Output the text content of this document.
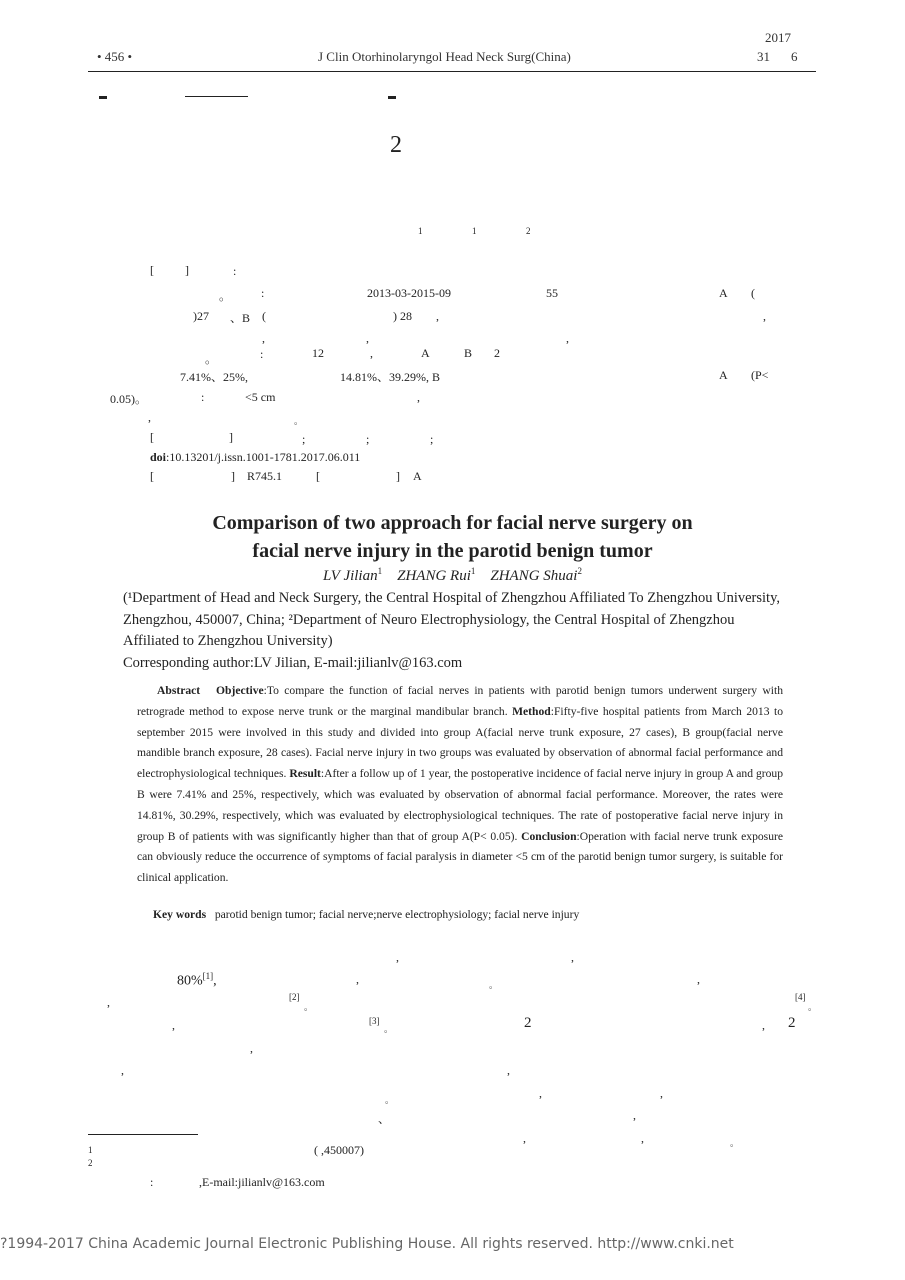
• 456 •	J Clin Otorhinolaryngol Head Neck Surg(China)
2017
31 6
2
1	1	2
[ ]	:
。 :	2013-03-2015-09	55	A (
)27 、B (	) 28 ,	,
,	,	,
。	:	12	,	A	B 2
7.41%、25%,	14.81%、39.29%, B	A (P<
0.05)。	:	<5 cm	,
,	。
[ ]	;	;	;
doi:10.13201/j.issn.1001-1781.2017.06.011
[	] R745.1	[	] A
Comparison of two approach for facial nerve surgery on
facial nerve injury in the parotid benign tumor
LV Jilian$^1$ ZHANG Rui$^1$ ZHANG Shuai$^2$
(¹Department of Head and Neck Surgery, the Central Hospital of Zhengzhou Affiliated To Zhengzhou University, Zhengzhou, 450007, China; ²Department of Neuro Electrophysiology, the Central Hospital of Zhengzhou Affiliated to Zhengzhou University)
Corresponding author:LV Jilian, E-mail:jilianlv@163.com
Abstract Objective:To compare the function of facial nerves in patients with parotid benign tumors underwent surgery with retrograde method to expose nerve trunk or the marginal mandibular branch. Method:Fifty-five hospital patients from March 2013 to september 2015 were involved in this study and divided into group A(facial nerve trunk exposure, 27 cases), B group(facial nerve mandible branch exposure, 28 cases). Facial nerve injury in two groups was evaluated by observation of abnormal facial performance and electrophysiological techniques. Result:After a follow up of 1 year, the postoperative incidence of facial nerve injury in group A and group B were 7.41% and 25%, respectively, which was evaluated by observation of abnormal facial performance. Moreover, the rates were 14.81%, 30.29%, respectively, which was evaluated by electrophysiological techniques. The rate of postoperative facial nerve injury in group B of patients with was significantly higher than that of group A(P< 0.05). Conclusion:Operation with facial nerve trunk exposure can obviously reduce the occurrence of symptoms of facial paralysis in diameter <5 cm of the parotid benign tumor surgery, is suitable for clinical application.
Key words parotid benign tumor; facial nerve;nerve electrophysiology; facial nerve injury
,	,
80%[1],	,	。	,
,	[2]
。
[4]
。
,	[3]
。	2	, 2
,
,	,
。	,	,
、	,
,	,	。
1	( ,450007)
2
:	,E-mail:jilianlv@163.com
?1994-2017 China Academic Journal Electronic Publishing House. All rights reserved. http://www.cnki.net
